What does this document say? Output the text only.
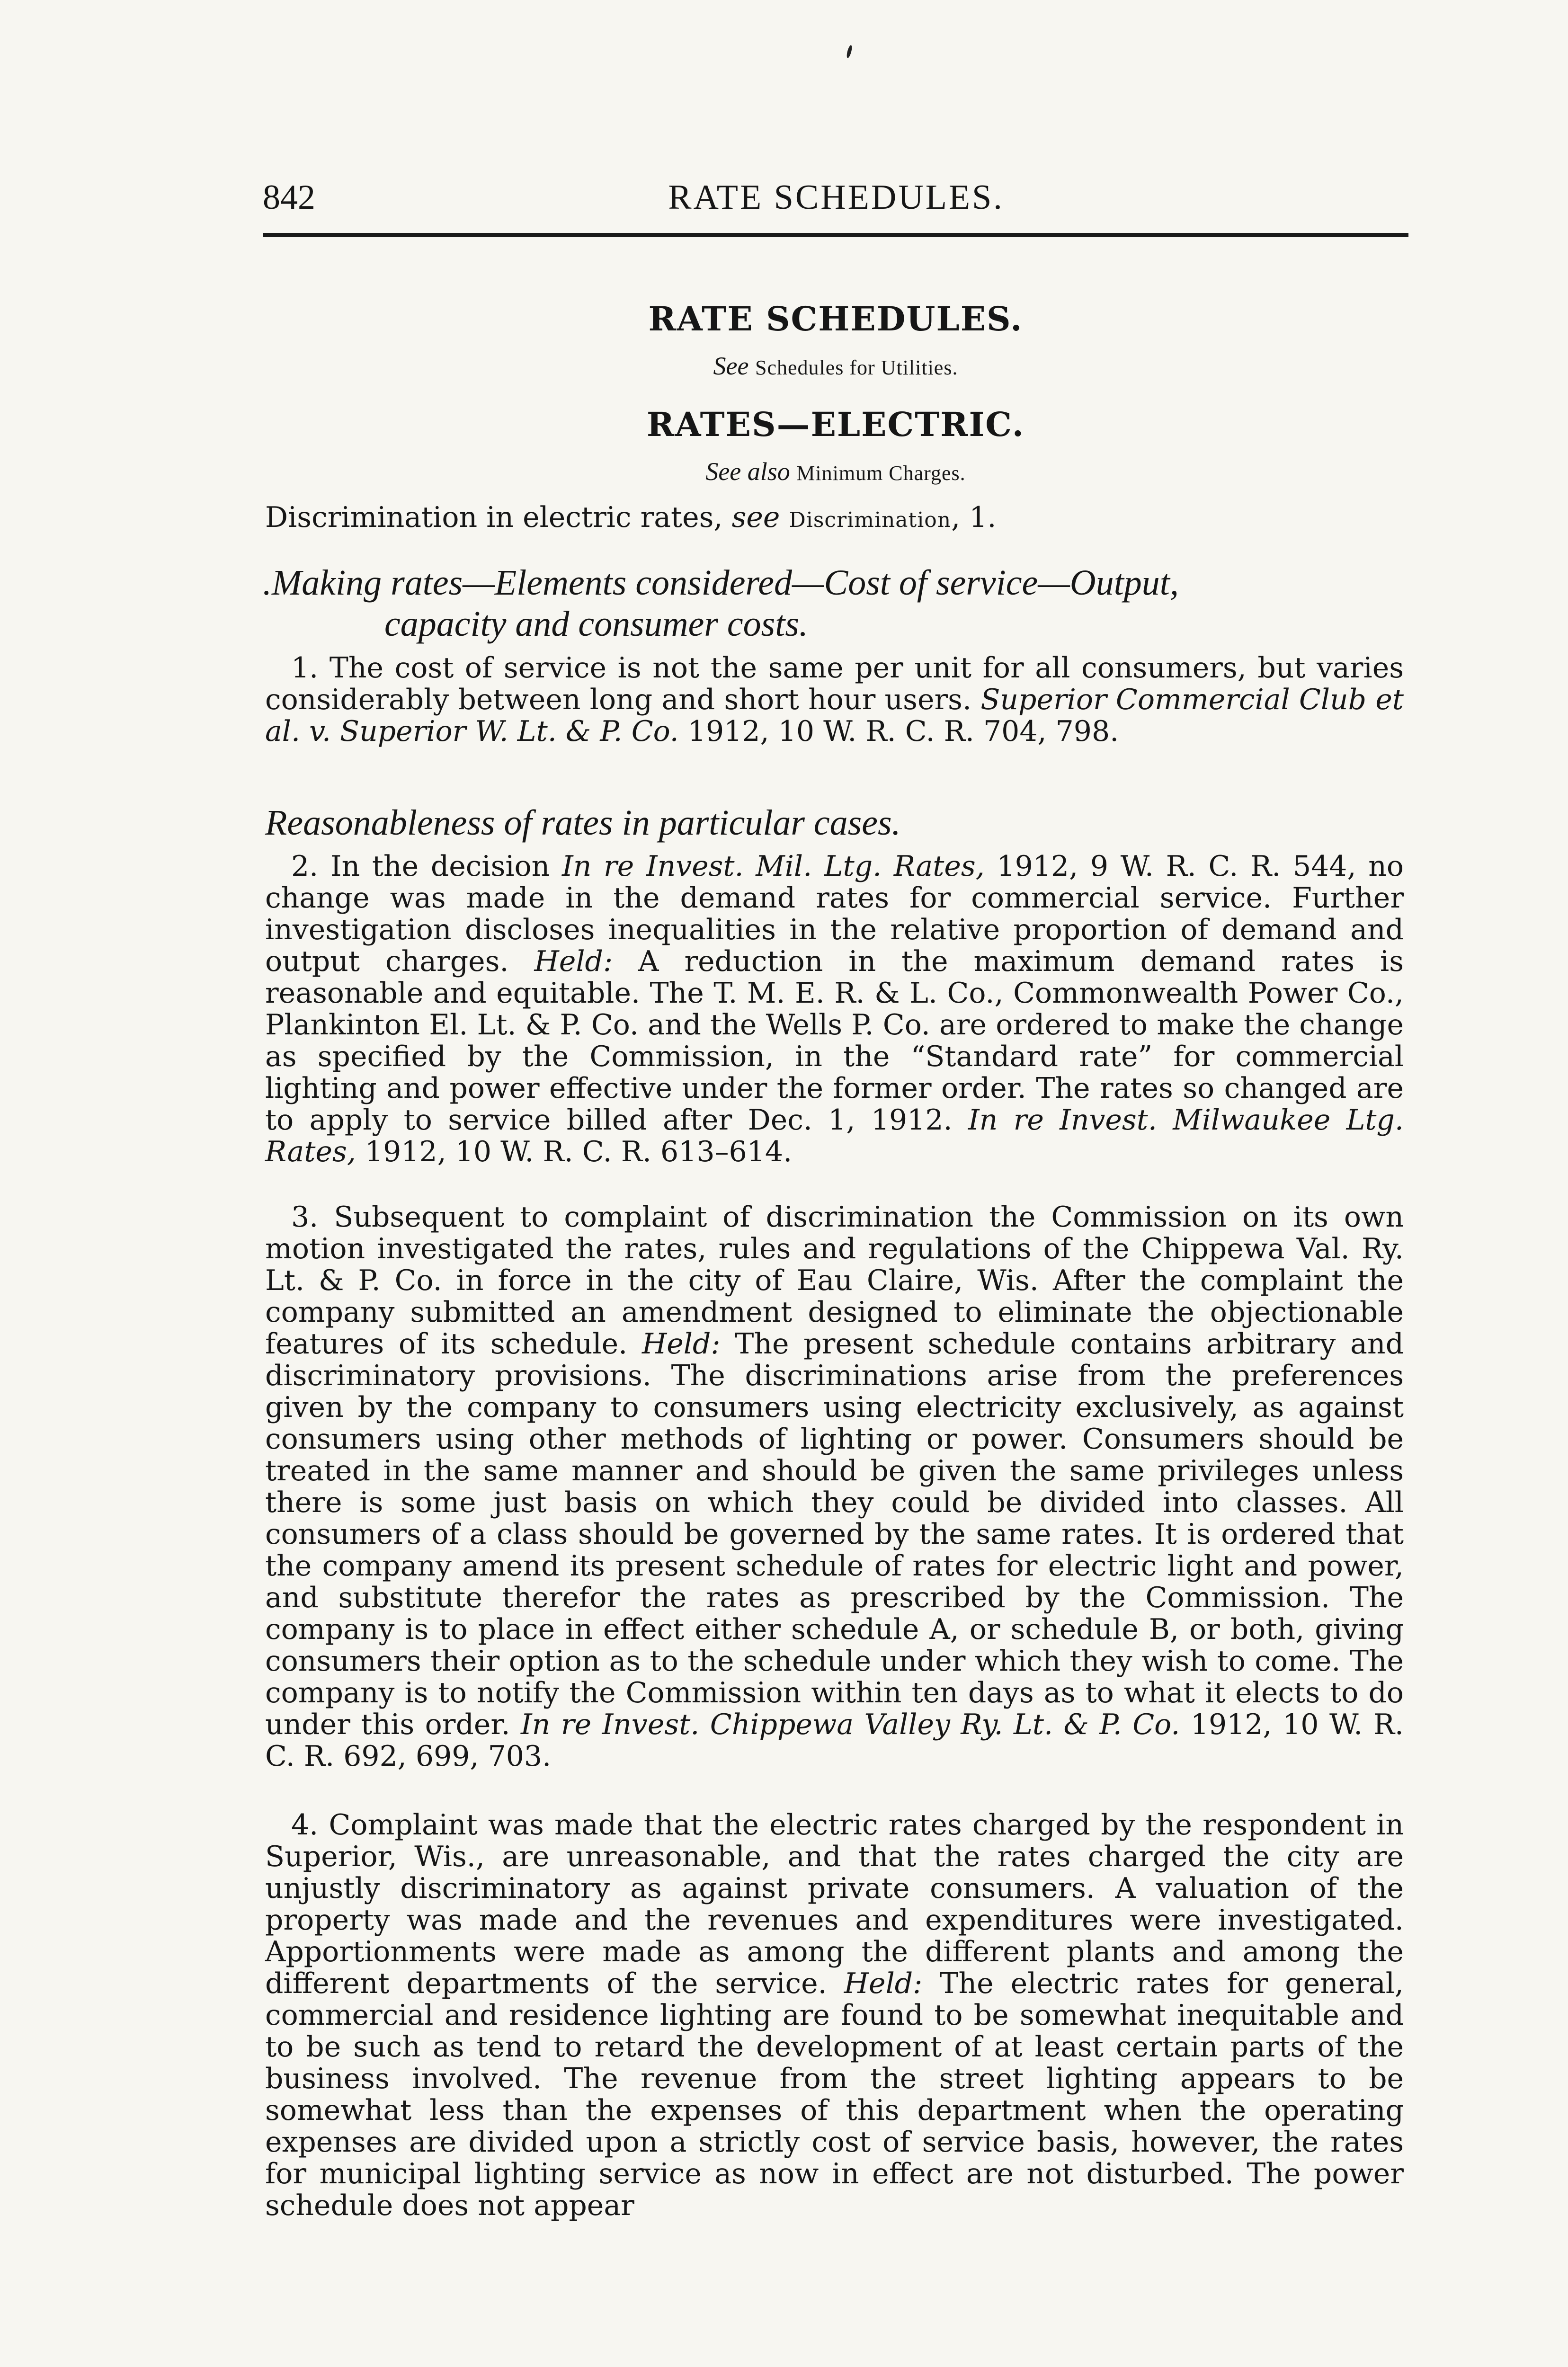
842	RATE SCHEDULES.
RATE SCHEDULES.
See Schedules for Utilities.
RATES—ELECTRIC.
See also Minimum Charges.
Discrimination in electric rates, see Discrimination, 1.
.Making rates—Elements considered—Cost of service—Output,
capacity and consumer costs.
1. The cost of service is not the same per unit for all consumers, but varies considerably between long and short hour users. Superior Commercial Club et al. v. Superior W. Lt. & P. Co. 1912, 10 W. R. C. R. 704, 798.
Reasonableness of rates in particular cases.
2. In the decision In re Invest. Mil. Ltg. Rates, 1912, 9 W. R. C. R. 544, no change was made in the demand rates for commercial service. Further investigation discloses inequalities in the relative proportion of demand and output charges. Held: A reduction in the maximum demand rates is reasonable and equitable. The T. M. E. R. & L. Co., Commonwealth Power Co., Plankinton El. Lt. & P. Co. and the Wells P. Co. are ordered to make the change as specified by the Commission, in the “Standard rate” for commercial lighting and power effective under the former order. The rates so changed are to apply to service billed after Dec. 1, 1912. In re Invest. Milwaukee Ltg. Rates, 1912, 10 W. R. C. R. 613–614.
3. Subsequent to complaint of discrimination the Commission on its own motion investigated the rates, rules and regulations of the Chippewa Val. Ry. Lt. & P. Co. in force in the city of Eau Claire, Wis. After the complaint the company submitted an amendment designed to eliminate the objectionable features of its schedule. Held: The present schedule contains arbitrary and discriminatory provisions. The discriminations arise from the preferences given by the company to consumers using electricity exclusively, as against consumers using other methods of lighting or power. Consumers should be treated in the same manner and should be given the same privileges unless there is some just basis on which they could be divided into classes. All consumers of a class should be governed by the same rates. It is ordered that the company amend its present schedule of rates for electric light and power, and substitute therefor the rates as prescribed by the Commission. The company is to place in effect either schedule A, or schedule B, or both, giving consumers their option as to the schedule under which they wish to come. The company is to notify the Commission within ten days as to what it elects to do under this order. In re Invest. Chippewa Valley Ry. Lt. & P. Co. 1912, 10 W. R. C. R. 692, 699, 703.
4. Complaint was made that the electric rates charged by the respondent in Superior, Wis., are unreasonable, and that the rates charged the city are unjustly discriminatory as against private consumers. A valuation of the property was made and the revenues and expenditures were investigated. Apportionments were made as among the different plants and among the different departments of the service. Held: The electric rates for general, commercial and residence lighting are found to be somewhat inequitable and to be such as tend to retard the development of at least certain parts of the business involved. The revenue from the street lighting appears to be somewhat less than the expenses of this department when the operating expenses are divided upon a strictly cost of service basis, however, the rates for municipal lighting service as now in effect are not disturbed. The power schedule does not appear
